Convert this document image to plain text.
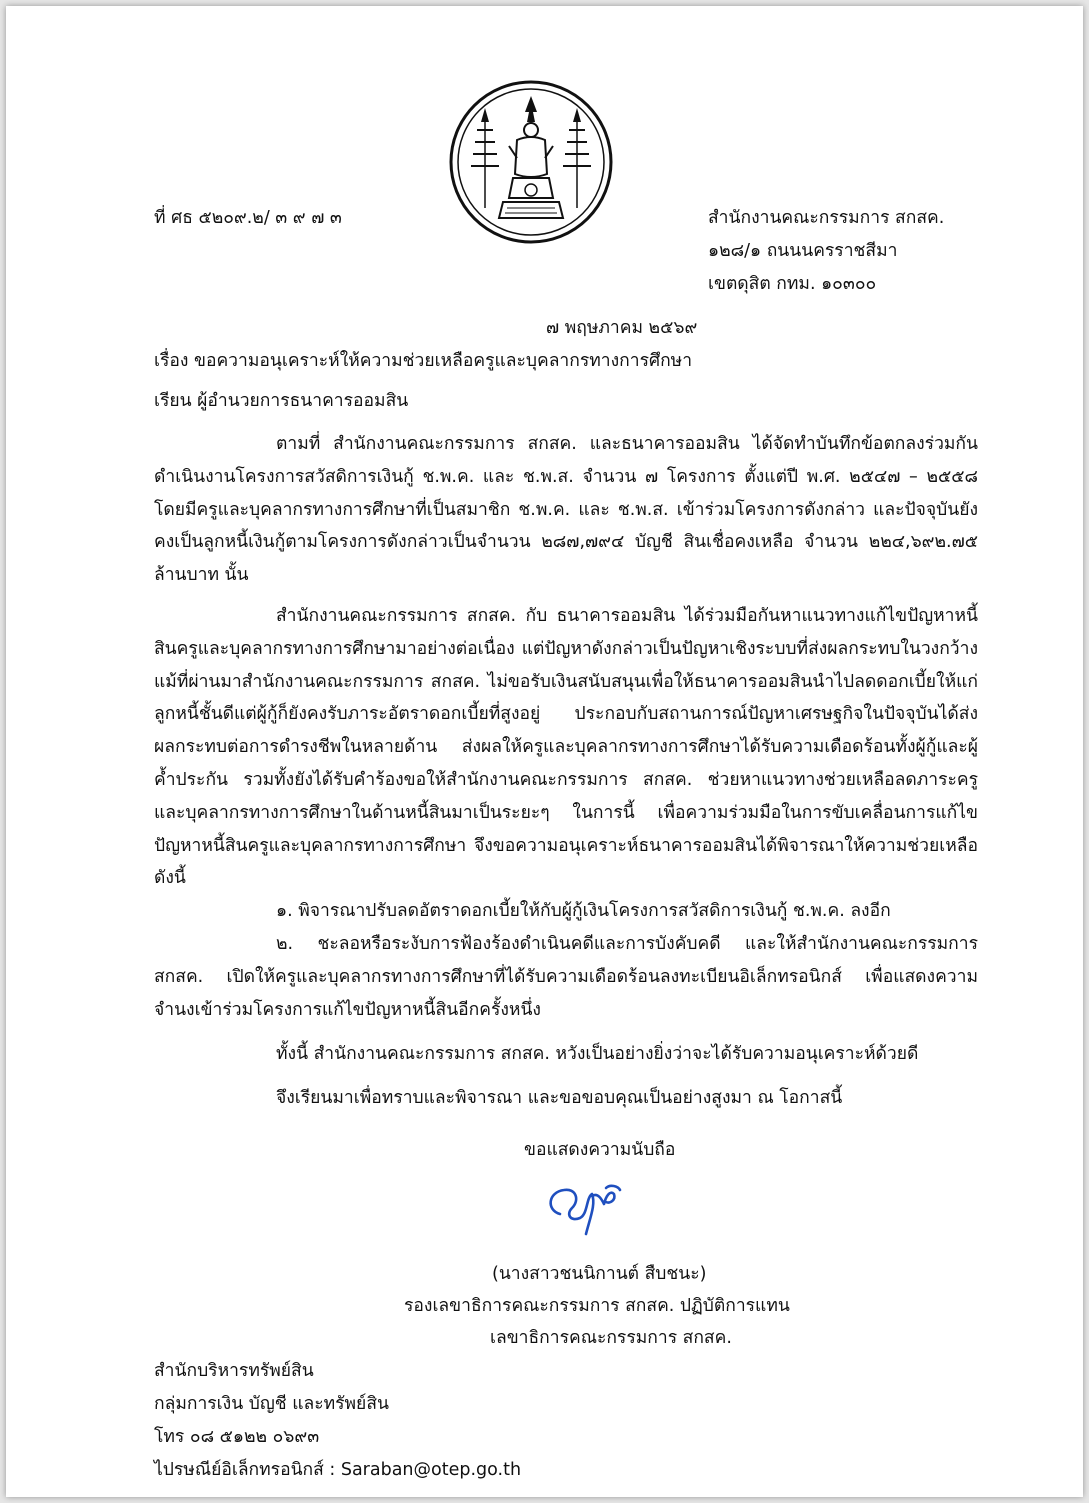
ที่ ศธ ๕๒๐๙.๒/ ๓ ๙ ๗ ๓	สำนักงานคณะกรรมการ สกสค.
๑๒๘/๑ ถนนนครราชสีมา
เขตดุสิต กทม. ๑๐๓๐๐
๗ พฤษภาคม ๒๕๖๙
เรื่อง ขอความอนุเคราะห์ให้ความช่วยเหลือครูและบุคลากรทางการศึกษา
เรียน ผู้อำนวยการธนาคารออมสิน
ตามที่ สำนักงานคณะกรรมการ สกสค. และธนาคารออมสิน ได้จัดทำบันทึกข้อตกลงร่วมกันดำเนินงานโครงการสวัสดิการเงินกู้ ช.พ.ค. และ ช.พ.ส. จำนวน ๗ โครงการ ตั้งแต่ปี พ.ศ. ๒๕๔๗ – ๒๕๕๘ โดยมีครูและบุคลากรทางการศึกษาที่เป็นสมาชิก ช.พ.ค. และ ช.พ.ส. เข้าร่วมโครงการดังกล่าว และปัจจุบันยังคงเป็นลูกหนี้เงินกู้ตามโครงการดังกล่าวเป็นจำนวน ๒๘๗,๗๙๔ บัญชี สินเชื่อคงเหลือ จำนวน ๒๒๔,๖๙๒.๗๕ ล้านบาท นั้น
สำนักงานคณะกรรมการ สกสค. กับ ธนาคารออมสิน ได้ร่วมมือกันหาแนวทางแก้ไขปัญหาหนี้สินครูและบุคลากรทางการศึกษามาอย่างต่อเนื่อง แต่ปัญหาดังกล่าวเป็นปัญหาเชิงระบบที่ส่งผลกระทบในวงกว้าง แม้ที่ผ่านมาสำนักงานคณะกรรมการ สกสค. ไม่ขอรับเงินสนับสนุนเพื่อให้ธนาคารออมสินนำไปลดดอกเบี้ยให้แก่ลูกหนี้ชั้นดีแต่ผู้กู้ก็ยังคงรับภาระอัตราดอกเบี้ยที่สูงอยู่ ประกอบกับสถานการณ์ปัญหาเศรษฐกิจในปัจจุบันได้ส่งผลกระทบต่อการดำรงชีพในหลายด้าน ส่งผลให้ครูและบุคลากรทางการศึกษาได้รับความเดือดร้อนทั้งผู้กู้และผู้ค้ำประกัน รวมทั้งยังได้รับคำร้องขอให้สำนักงานคณะกรรมการ สกสค. ช่วยหาแนวทางช่วยเหลือลดภาระครูและบุคลากรทางการศึกษาในด้านหนี้สินมาเป็นระยะๆ ในการนี้ เพื่อความร่วมมือในการขับเคลื่อนการแก้ไขปัญหาหนี้สินครูและบุคลากรทางการศึกษา จึงขอความอนุเคราะห์ธนาคารออมสินได้พิจารณาให้ความช่วยเหลือ ดังนี้
๑. พิจารณาปรับลดอัตราดอกเบี้ยให้กับผู้กู้เงินโครงการสวัสดิการเงินกู้ ช.พ.ค. ลงอีก
๒. ชะลอหรือระงับการฟ้องร้องดำเนินคดีและการบังคับคดี และให้สำนักงานคณะกรรมการ สกสค. เปิดให้ครูและบุคลากรทางการศึกษาที่ได้รับความเดือดร้อนลงทะเบียนอิเล็กทรอนิกส์ เพื่อแสดงความจำนงเข้าร่วมโครงการแก้ไขปัญหาหนี้สินอีกครั้งหนึ่ง
ทั้งนี้ สำนักงานคณะกรรมการ สกสค. หวังเป็นอย่างยิ่งว่าจะได้รับความอนุเคราะห์ด้วยดี
จึงเรียนมาเพื่อทราบและพิจารณา และขอขอบคุณเป็นอย่างสูงมา ณ โอกาสนี้
ขอแสดงความนับถือ
(นางสาวชนนิกานต์ สืบชนะ)
รองเลขาธิการคณะกรรมการ สกสค. ปฏิบัติการแทน
เลขาธิการคณะกรรมการ สกสค.
สำนักบริหารทรัพย์สิน
กลุ่มการเงิน บัญชี และทรัพย์สิน
โทร ๐๘ ๕๑๒๒ ๐๖๙๓
ไปรษณีย์อิเล็กทรอนิกส์ : Saraban@otep.go.th
